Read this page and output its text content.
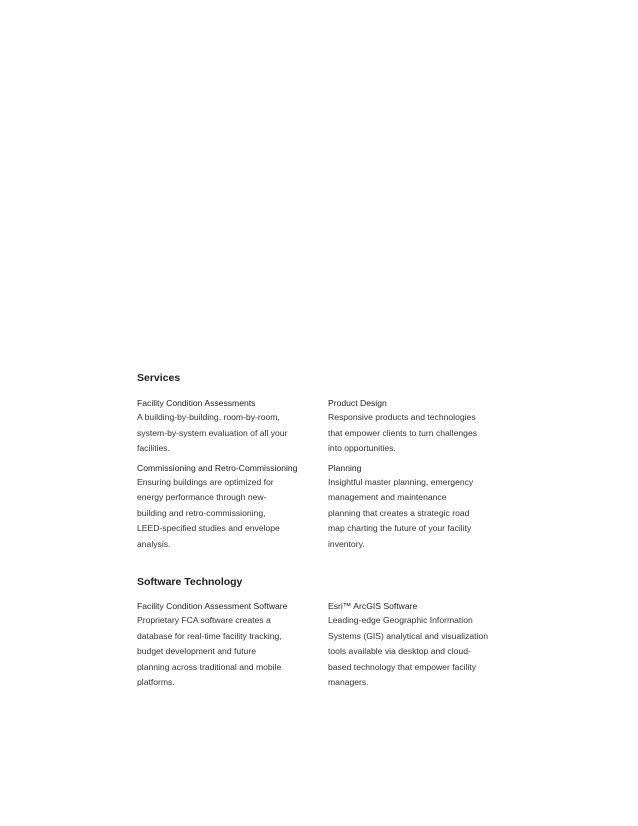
Services

Facility Condition Assessments

A building-by-building, room-by-room,
system-by-system evaluation of all your
facilities.

Product Design

Responsive products and technologies
that empower clients to turn challenges
into opportunities.

Commissioning and Retro-Commissioning

Ensuring buildings are optimized for
energy performance through new-
building and retro-commissioning,
LEED-specified studies and envelope
analysis.

Planning

Insightful master planning, emergency
management and maintenance
planning that creates a strategic road
map charting the future of your facility
inventory.

Software Technology

Facility Condition Assessment Software

Proprietary FCA software creates a
database for real-time facility tracking,
budget development and future
planning across traditional and mobile
platforms.

Esri™ ArcGIS Software

Leading-edge Geographic Information
Systems (GIS) analytical and visualization
tools available via desktop and cloud-
based technology that empower facility
managers.
